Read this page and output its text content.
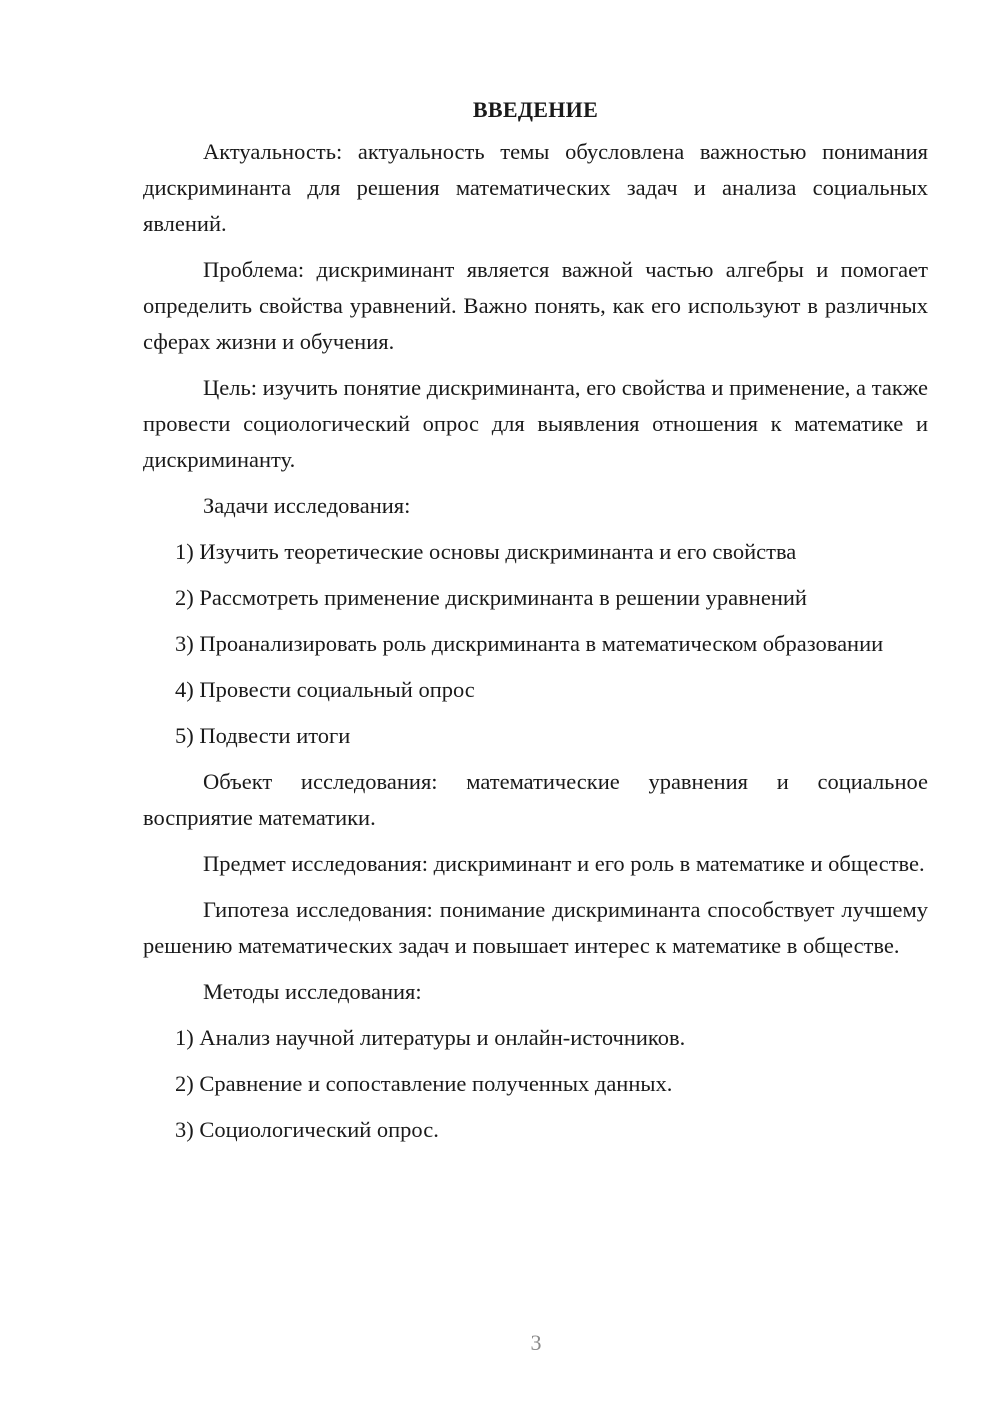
ВВЕДЕНИЕ

Актуальность: актуальность темы обусловлена важностью понимания дискриминанта для решения математических задач и анализа социальных явлений.

Проблема: дискриминант является важной частью алгебры и помогает определить свойства уравнений. Важно понять, как его используют в различных сферах жизни и обучения.

Цель: изучить понятие дискриминанта, его свойства и применение, а также провести социологический опрос для выявления отношения к математике и дискриминанту.

Задачи исследования:

1) Изучить теоретические основы дискриминанта и его свойства

2) Рассмотреть применение дискриминанта в решении уравнений

3) Проанализировать роль дискриминанта в математическом образовании

4) Провести социальный опрос

5) Подвести итоги

Объект исследования: математические уравнения и социальное восприятие математики.

Предмет исследования: дискриминант и его роль в математике и обществе.

Гипотеза исследования: понимание дискриминанта способствует лучшему решению математических задач и повышает интерес к математике в обществе.

Методы исследования:

1) Анализ научной литературы и онлайн-источников.

2) Сравнение и сопоставление полученных данных.

3) Социологический опрос.

3
